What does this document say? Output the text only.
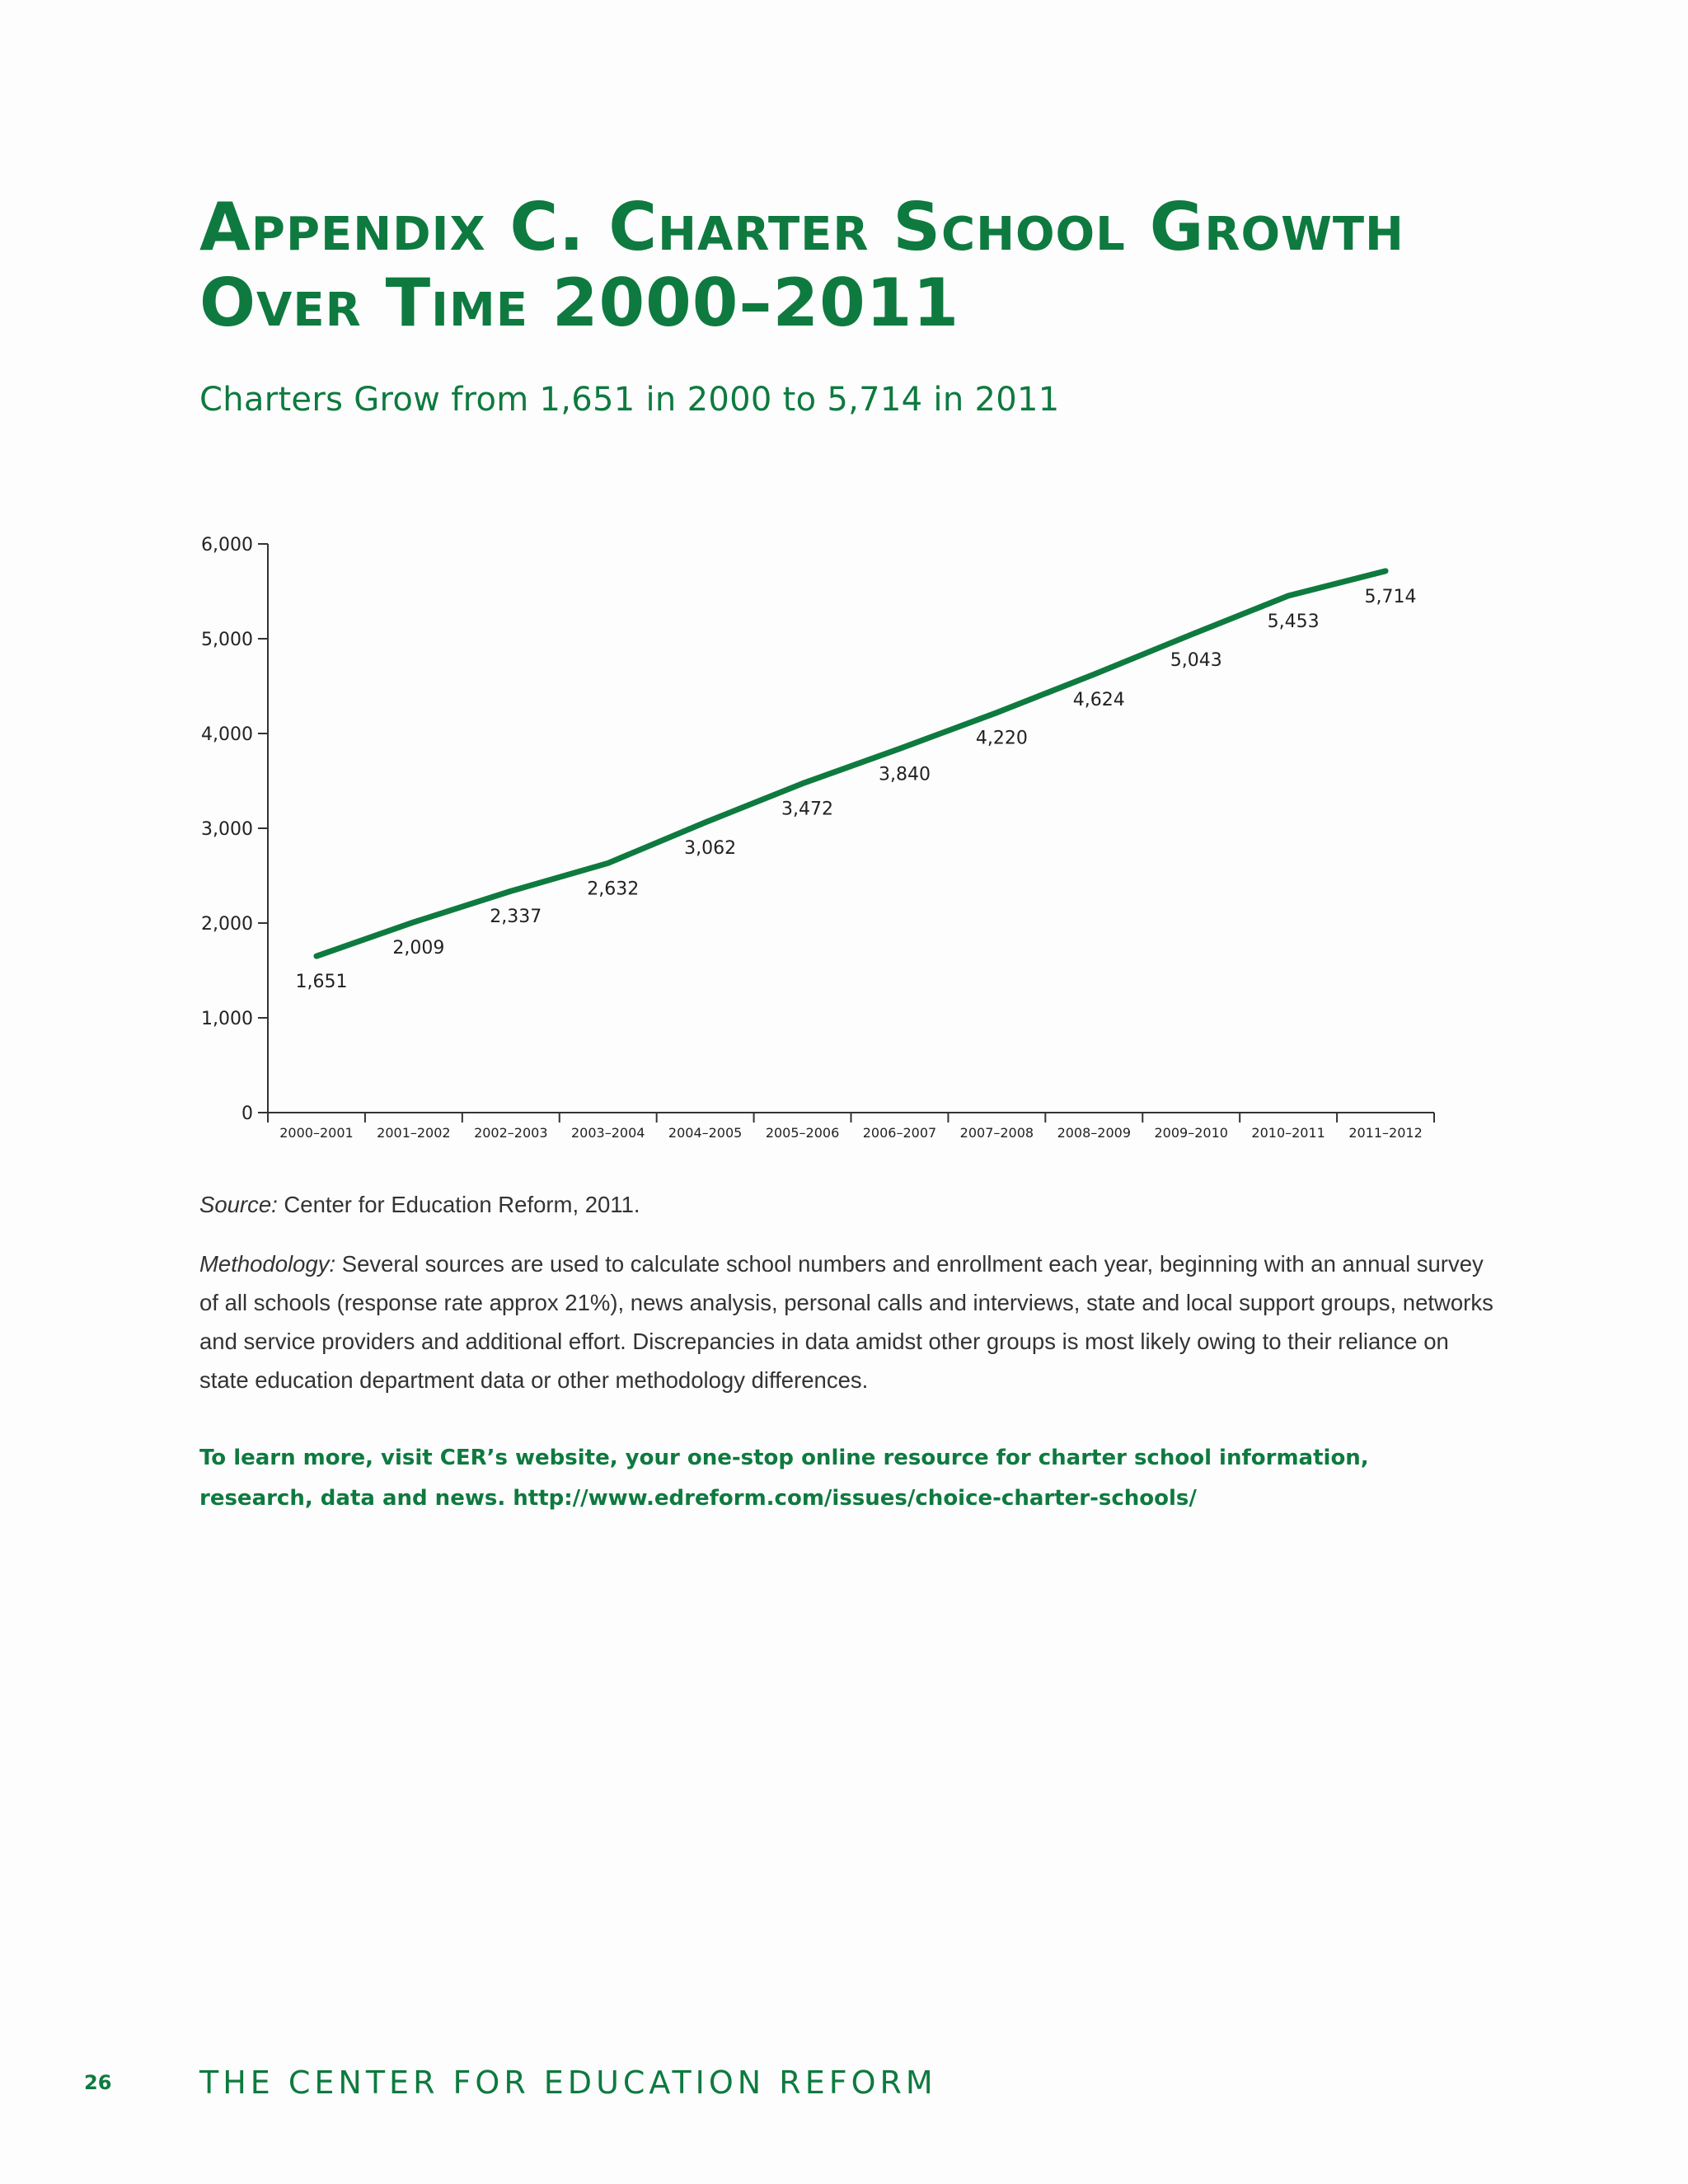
Appendix C. Charter School Growth
Over Time 2000–2011
Charters Grow from 1,651 in 2000 to 5,714 in 2011
0
1,000
2,000
3,000
4,000
5,000
6,000
2000–2001 2001–2002 2002–2003 2003–2004 2004–2005 2005–2006 2006–2007 2007–2008 2008–2009 2009–2010 2010–2011 2011–2012
1,651
2,009
2,337
2,632
3,062
3,472
3,840
4,220
4,624
5,043
5,453
5,714

Source: Center for Education Reform, 2011.

Methodology: Several sources are used to calculate school numbers and enrollment each year, beginning with an annual survey of all schools (response rate approx 21%), news analysis, personal calls and interviews, state and local support groups, networks and service providers and additional effort. Discrepancies in data amidst other groups is most likely owing to their reliance on state education department data or other methodology differences.

To learn more, visit CER’s website, your one-stop online resource for charter school information, research, data and news. http://www.edreform.com/issues/choice-charter-schools/

26	THE CENTER FOR EDUCATION REFORM
